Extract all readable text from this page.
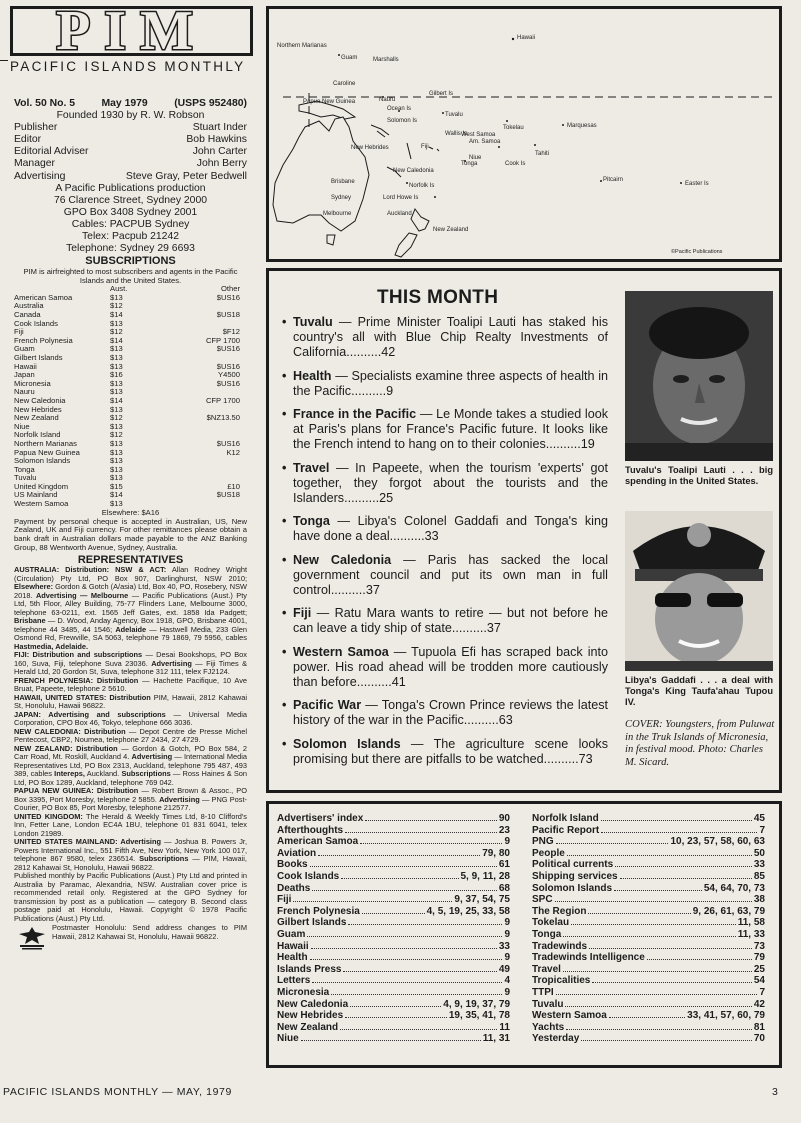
PIM
PACIFIC ISLANDS MONTHLY
Vol. 50 No. 5	May 1979	(USPS 952480)
Founded 1930 by R. W. Robson
Publisher	Stuart Inder
Editor	Bob Hawkins
Editorial Adviser	John Carter
Manager	John Berry
Advertising	Steve Gray, Peter Bedwell
A Pacific Publications production
76 Clarence Street, Sydney 2000
GPO Box 3408 Sydney 2001
Cables: PACPUB Sydney
Telex: Pacpub 21242
Telephone: Sydney 29 6693
SUBSCRIPTIONS
PIM is airfreighted to most subscribers and agents in the Pacific Islands and the United States.
Aust.	Other
American Samoa	$13	$US16
Australia	$12
Canada	$14	$US18
Cook Islands	$13
Fiji	$12	$F12
French Polynesia	$14	CFP 1700
Guam	$13	$US16
Gilbert Islands	$13
Hawaii	$13	$US16
Japan	$16	Y4500
Micronesia	$13	$US16
Nauru	$13
New Caledonia	$14	CFP 1700
New Hebrides	$13
New Zealand	$12	$NZ13.50
Niue	$13
Norfolk Island	$12
Northern Marianas	$13	$US16
Papua New Guinea	$13	K12
Solomon Islands	$13
Tonga	$13
Tuvalu	$13
United Kingdom	$15	£10
US Mainland	$14	$US18
Western Samoa	$13
Elsewhere: $A16
Payment by personal cheque is accepted in Australian, US, New Zealand, UK and Fiji currency. For other remittances please obtain a bank draft in Australian dollars made payable to the ANZ Banking Group, 88 Wentworth Avenue, Sydney, Australia.
REPRESENTATIVES
AUSTRALIA: Distribution: NSW & ACT: Allan Rodney Wright (Circulation) Pty Ltd, PO Box 907, Darlinghurst, NSW 2010; Elsewhere: Gordon & Gotch (A/asia) Ltd, Box 40, PO, Rosebery, NSW 2018. Advertising — Melbourne — Pacific Publications (Aust.) Pty Ltd, 5th Floor, Alley Building, 75-77 Flinders Lane, Melbourne 3000, telephone 63-0211, ext. 1565 Jeff Gates, ext. 1858 Ida Padgett; Brisbane — D. Wood, Anday Agency, Box 1918, GPO, Brisbane 4001, telephone 44 3485, 44 1546; Adelaide — Hastwell Media, 233 Glen Osmond Rd, Frewville, SA 5063, telephone 79 1869, 79 5956, cables Hastmedia, Adelaide.
FIJI: Distribution and subscriptions — Desai Bookshops, PO Box 160, Suva, Fiji, telephone Suva 23036. Advertising — Fiji Times & Herald Ltd, 20 Gordon St, Suva, telephone 312 111, telex FJ2124.
FRENCH POLYNESIA: Distribution — Hachette Pacifique, 10 Ave Bruat, Papeete, telephone 2 5610.
HAWAII, UNITED STATES: Distribution PIM, Hawaii, 2812 Kahawai St, Honolulu, Hawaii 96822.
JAPAN: Advertising and subscriptions — Universal Media Corporation, CPO Box 46, Tokyo, telephone 666 3036.
NEW CALEDONIA: Distribution — Depot Centre de Presse Michel Pentecost, CBP2, Noumea, telephone 27 2434, 27 4729.
NEW ZEALAND: Distribution — Gordon & Gotch, PO Box 584, 2 Carr Road, Mt. Roskill, Auckland 4. Advertising — International Media Representatives Ltd, PO Box 2313, Auckland, telephone 795 487, 493 389, cables Intereps, Auckland. Subscriptions — Ross Haines & Son Ltd, PO Box 1289, Auckland, telephone 769 042.
PAPUA NEW GUINEA: Distribution — Robert Brown & Assoc., PO Box 3395, Port Moresby, telephone 2 5855. Advertising — PNG Post-Courier, PO Box 85, Port Moresby, telephone 212577.
UNITED KINGDOM: The Herald & Weekly Times Ltd, 8-10 Clifford's Inn, Fetter Lane, London EC4A 1BU, telephone 01 831 6041, telex London 21989.
UNITED STATES MAINLAND: Advertising — Joshua B. Powers Jr, Powers International Inc., 551 Fifth Ave, New York, New York 100 017, telephone 867 9580, telex 236514. Subscriptions — PIM, Hawaii, 2812 Kahawai St, Honolulu, Hawaii 96822.
Published monthly by Pacific Publications (Aust.) Pty Ltd and printed in Australia by Paramac, Alexandria, NSW. Australian cover price is recommended retail only. Registered at the GPO Sydney for transmission by post as a publication — category B. Second class postage paid at Honolulu, Hawaii. Copyright © 1978 Pacific Publications (Aust.) Pty Ltd.
Postmaster Honolulu: Send address changes to PIM Hawaii, 2812 Kahawai St, Honolulu, Hawaii 96822.
PACIFIC ISLANDS MONTHLY — MAY, 1979	3
Hawaii
Northern Marianas
Guam	Marshalls
Caroline
Gilbert Is
Papua New Guinea	Nauru
Ocean Is
Tuvalu
Solomon Is
Tokelau	Marquesas
Wallis Is
West Samoa
Am. Samoa
New Hebrides	Fiji
Tahiti
Niue
Tonga	Cook Is
New Caledonia
Brisbane
Norfolk Is
Pitcairn
Easter Is
Sydney	Lord Howe Is
Melbourne	Auckland
New Zealand
©Pacific Publications
THIS MONTH
• Tuvalu — Prime Minister Toalipi Lauti has staked his country's all with Blue Chip Realty Investments of California..........42
• Health — Specialists examine three aspects of health in the Pacific..........9
• France in the Pacific — Le Monde takes a studied look at Paris's plans for France's Pacific future. It looks like the French intend to hang on to their colonies..........19
• Travel — In Papeete, when the tourism 'experts' got together, they forgot about the tourists and the Islanders..........25
• Tonga — Libya's Colonel Gaddafi and Tonga's king have done a deal..........33
• New Caledonia — Paris has sacked the local government council and put its own man in full control..........37
• Fiji — Ratu Mara wants to retire — but not before he can leave a tidy ship of state..........37
• Western Samoa — Tupuola Efi has scraped back into power. His road ahead will be trodden more cautiously than before..........41
• Pacific War — Tonga's Crown Prince reviews the latest history of the war in the Pacific..........63
• Solomon Islands — The agriculture scene looks promising but there are pitfalls to be watched..........73
Tuvalu's Toalipi Lauti . . . big spending in the United States.
Libya's Gaddafi . . . a deal with Tonga's King Taufa'ahau Tupou IV.
COVER: Youngsters, from Puluwat in the Truk Islands of Micronesia, in festival mood. Photo: Charles M. Sicard.
Advertisers' index	90
Afterthoughts	23
American Samoa	9
Aviation	79, 80
Books	61
Cook Islands	5, 9, 11, 28
Deaths	68
Fiji	9, 37, 54, 75
French Polynesia	4, 5, 19, 25, 33, 58
Gilbert Islands	9
Guam	9
Hawaii	33
Health	9
Islands Press	49
Letters	4
Micronesia	9
New Caledonia	4, 9, 19, 37, 79
New Hebrides	19, 35, 41, 78
New Zealand	11
Niue	11, 31
Norfolk Island	45
Pacific Report	7
PNG	10, 23, 57, 58, 60, 63
People	50
Political currents	33
Shipping services	85
Solomon Islands	54, 64, 70, 73
SPC	38
The Region	9, 26, 61, 63, 79
Tokelau	11, 58
Tonga	11, 33
Tradewinds	73
Tradewinds Intelligence	79
Travel	25
Tropicalities	54
TTPI	7
Tuvalu	42
Western Samoa	33, 41, 57, 60, 79
Yachts	81
Yesterday	70
